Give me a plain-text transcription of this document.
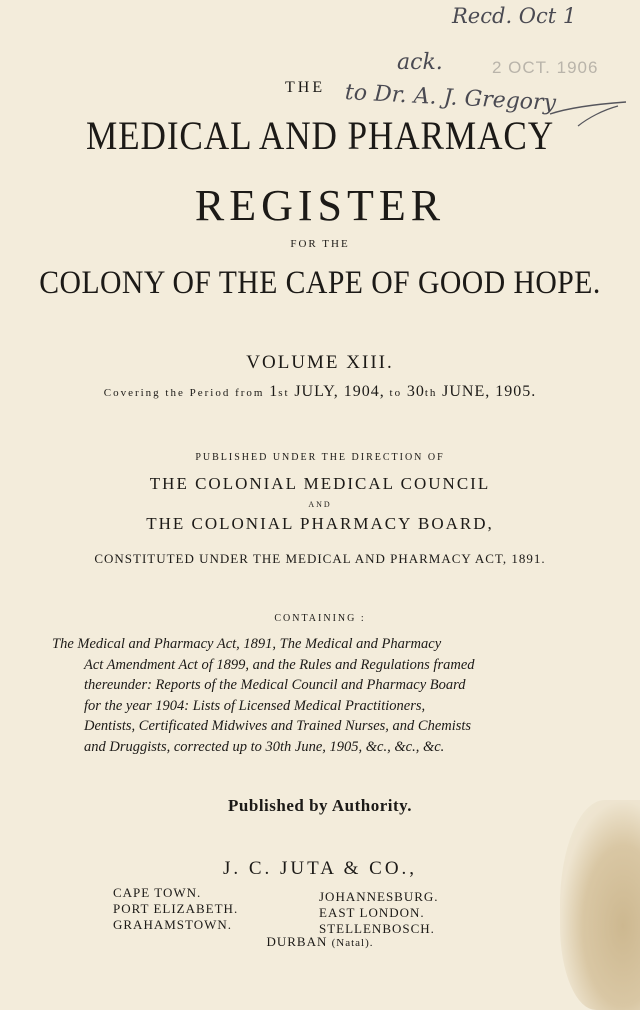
Recd. Oct 1
ack.	2 OCT. 1906
to Dr. A. J. Gregory
THE
MEDICAL AND PHARMACY
REGISTER
FOR THE
COLONY OF THE CAPE OF GOOD HOPE.
VOLUME XIII.
Covering the Period from 1st JULY, 1904, to 30th JUNE, 1905.
PUBLISHED UNDER THE DIRECTION OF
THE COLONIAL MEDICAL COUNCIL
AND
THE COLONIAL PHARMACY BOARD,
CONSTITUTED UNDER THE MEDICAL AND PHARMACY ACT, 1891.
CONTAINING :
The Medical and Pharmacy Act, 1891, The Medical and Pharmacy
Act Amendment Act of 1899, and the Rules and Regulations framed
thereunder: Reports of the Medical Council and Pharmacy Board
for the year 1904: Lists of Licensed Medical Practitioners,
Dentists, Certificated Midwives and Trained Nurses, and Chemists
and Druggists, corrected up to 30th June, 1905, &c., &c., &c.
Published by Authority.
J. C. JUTA & CO.,
CAPE TOWN.
PORT ELIZABETH.
GRAHAMSTOWN.
JOHANNESBURG.
EAST LONDON.
STELLENBOSCH.
DURBAN (Natal).
